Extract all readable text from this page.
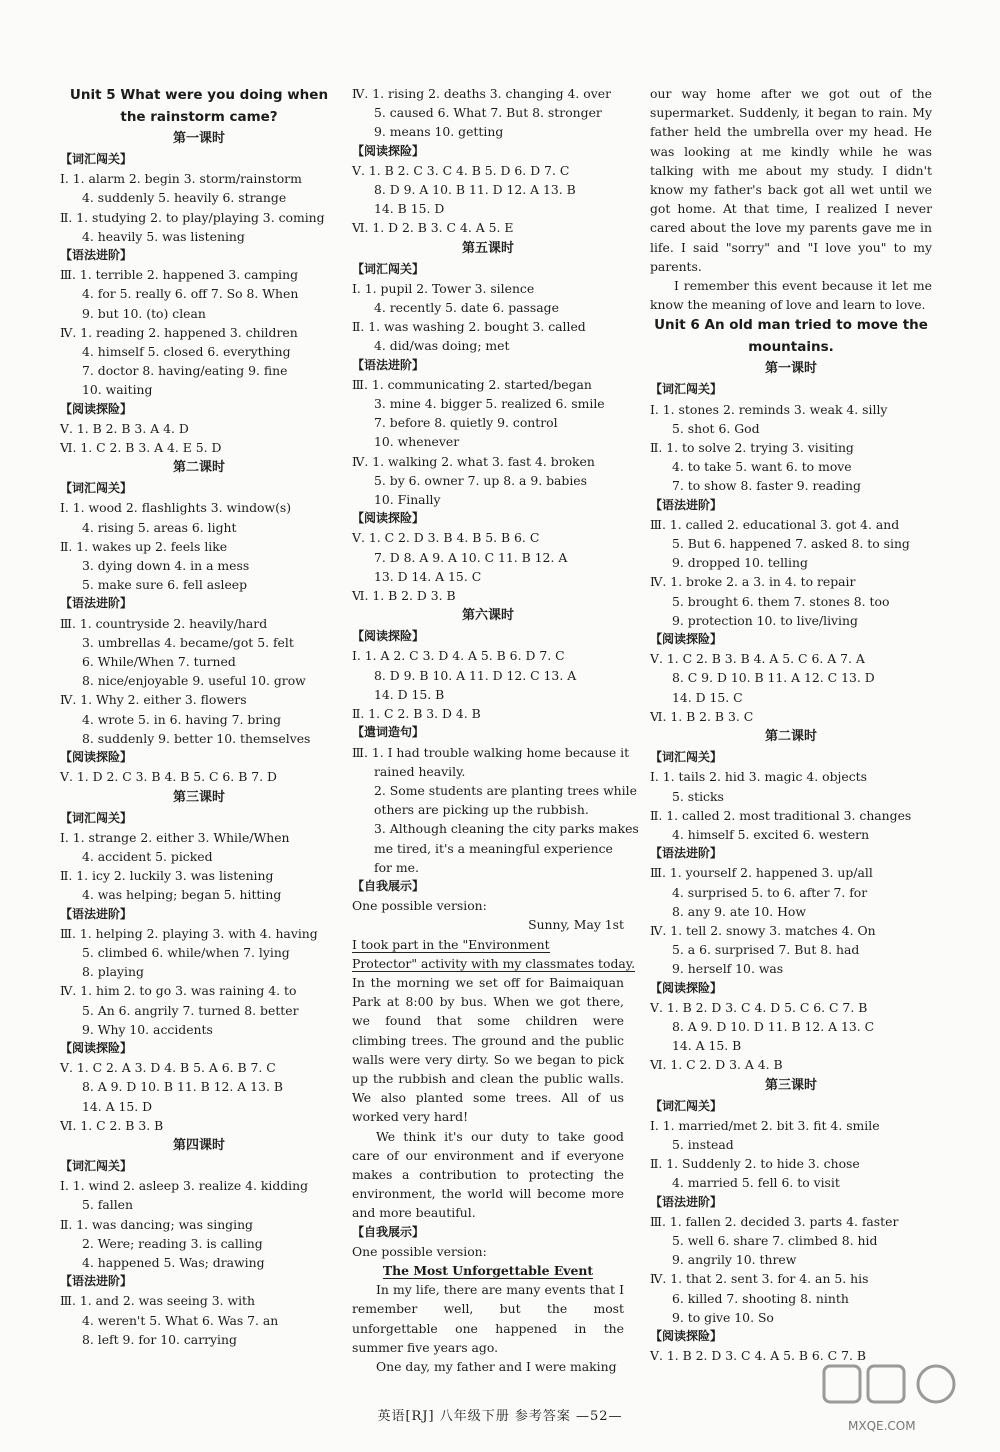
Unit 5 What were you doing when the rainstorm came?
第一课时
【词汇闯关】
Ⅰ. 1. alarm 2. begin 3. storm/rainstorm
4. suddenly 5. heavily 6. strange
Ⅱ. 1. studying 2. to play/playing 3. coming
4. heavily 5. was listening
【语法进阶】
Ⅲ. 1. terrible 2. happened 3. camping
4. for 5. really 6. off 7. So 8. When
9. but 10. (to) clean
Ⅳ. 1. reading 2. happened 3. children
4. himself 5. closed 6. everything
7. doctor 8. having/eating 9. fine
10. waiting
【阅读探险】
Ⅴ. 1. B 2. B 3. A 4. D
Ⅵ. 1. C 2. B 3. A 4. E 5. D
第二课时
【词汇闯关】
Ⅰ. 1. wood 2. flashlights 3. window(s)
4. rising 5. areas 6. light
Ⅱ. 1. wakes up 2. feels like
3. dying down 4. in a mess
5. make sure 6. fell asleep
【语法进阶】
Ⅲ. 1. countryside 2. heavily/hard
3. umbrellas 4. became/got 5. felt
6. While/When 7. turned
8. nice/enjoyable 9. useful 10. grow
Ⅳ. 1. Why 2. either 3. flowers
4. wrote 5. in 6. having 7. bring
8. suddenly 9. better 10. themselves
【阅读探险】
Ⅴ. 1. D 2. C 3. B 4. B 5. C 6. B 7. D
第三课时
【词汇闯关】
Ⅰ. 1. strange 2. either 3. While/When
4. accident 5. picked
Ⅱ. 1. icy 2. luckily 3. was listening
4. was helping; began 5. hitting
【语法进阶】
Ⅲ. 1. helping 2. playing 3. with 4. having
5. climbed 6. while/when 7. lying
8. playing
Ⅳ. 1. him 2. to go 3. was raining 4. to
5. An 6. angrily 7. turned 8. better
9. Why 10. accidents
【阅读探险】
Ⅴ. 1. C 2. A 3. D 4. B 5. A 6. B 7. C
8. A 9. D 10. B 11. B 12. A 13. B
14. A 15. D
Ⅵ. 1. C 2. B 3. B
第四课时
【词汇闯关】
Ⅰ. 1. wind 2. asleep 3. realize 4. kidding
5. fallen
Ⅱ. 1. was dancing; was singing
2. Were; reading 3. is calling
4. happened 5. Was; drawing
【语法进阶】
Ⅲ. 1. and 2. was seeing 3. with
4. weren't 5. What 6. Was 7. an
8. left 9. for 10. carrying
Ⅳ. 1. rising 2. deaths 3. changing 4. over
5. caused 6. What 7. But 8. stronger
9. means 10. getting
【阅读探险】
Ⅴ. 1. B 2. C 3. C 4. B 5. D 6. D 7. C
8. D 9. A 10. B 11. D 12. A 13. B
14. B 15. D
Ⅵ. 1. D 2. B 3. C 4. A 5. E
第五课时
【词汇闯关】
Ⅰ. 1. pupil 2. Tower 3. silence
4. recently 5. date 6. passage
Ⅱ. 1. was washing 2. bought 3. called
4. did/was doing; met
【语法进阶】
Ⅲ. 1. communicating 2. started/began
3. mine 4. bigger 5. realized 6. smile
7. before 8. quietly 9. control
10. whenever
Ⅳ. 1. walking 2. what 3. fast 4. broken
5. by 6. owner 7. up 8. a 9. babies
10. Finally
【阅读探险】
Ⅴ. 1. C 2. D 3. B 4. B 5. B 6. C
7. D 8. A 9. A 10. C 11. B 12. A
13. D 14. A 15. C
Ⅵ. 1. B 2. D 3. B
第六课时
【阅读探险】
Ⅰ. 1. A 2. C 3. D 4. A 5. B 6. D 7. C
8. D 9. B 10. A 11. D 12. C 13. A
14. D 15. B
Ⅱ. 1. C 2. B 3. D 4. B
【遣词造句】
Ⅲ. 1. I had trouble walking home because it
rained heavily.
2. Some students are planting trees while
others are picking up the rubbish.
3. Although cleaning the city parks makes
me tired, it's a meaningful experience
for me.
【自我展示】
One possible version:
Sunny, May 1st
I took part in the "Environment
Protector" activity with my classmates today.
In the morning we set off for Baimaiquan Park at 8:00 by bus. When we got there, we found that some children were climbing trees. The ground and the public walls were very dirty. So we began to pick up the rubbish and clean the public walls. We also planted some trees. All of us worked very hard!
We think it's our duty to take good care of our environment and if everyone makes a contribution to protecting the environment, the world will become more and more beautiful.
【自我展示】
One possible version:
The Most Unforgettable Event
In my life, there are many events that I remember well, but the most unforgettable one happened in the summer five years ago.
One day, my father and I were making
our way home after we got out of the supermarket. Suddenly, it began to rain. My father held the umbrella over my head. He was looking at me kindly while he was talking with me about my study. I didn't know my father's back got all wet until we got home. At that time, I realized I never cared about the love my parents gave me in life. I said "sorry" and "I love you" to my parents.
I remember this event because it let me know the meaning of love and learn to love.
Unit 6 An old man tried to move the mountains.
第一课时
【词汇闯关】
Ⅰ. 1. stones 2. reminds 3. weak 4. silly
5. shot 6. God
Ⅱ. 1. to solve 2. trying 3. visiting
4. to take 5. want 6. to move
7. to show 8. faster 9. reading
【语法进阶】
Ⅲ. 1. called 2. educational 3. got 4. and
5. But 6. happened 7. asked 8. to sing
9. dropped 10. telling
Ⅳ. 1. broke 2. a 3. in 4. to repair
5. brought 6. them 7. stones 8. too
9. protection 10. to live/living
【阅读探险】
Ⅴ. 1. C 2. B 3. B 4. A 5. C 6. A 7. A
8. C 9. D 10. B 11. A 12. C 13. D
14. D 15. C
Ⅵ. 1. B 2. B 3. C
第二课时
【词汇闯关】
Ⅰ. 1. tails 2. hid 3. magic 4. objects
5. sticks
Ⅱ. 1. called 2. most traditional 3. changes
4. himself 5. excited 6. western
【语法进阶】
Ⅲ. 1. yourself 2. happened 3. up/all
4. surprised 5. to 6. after 7. for
8. any 9. ate 10. How
Ⅳ. 1. tell 2. snowy 3. matches 4. On
5. a 6. surprised 7. But 8. had
9. herself 10. was
【阅读探险】
Ⅴ. 1. B 2. D 3. C 4. D 5. C 6. C 7. B
8. A 9. D 10. D 11. B 12. A 13. C
14. A 15. B
Ⅵ. 1. C 2. D 3. A 4. B
第三课时
【词汇闯关】
Ⅰ. 1. married/met 2. bit 3. fit 4. smile
5. instead
Ⅱ. 1. Suddenly 2. to hide 3. chose
4. married 5. fell 6. to visit
【语法进阶】
Ⅲ. 1. fallen 2. decided 3. parts 4. faster
5. well 6. share 7. climbed 8. hid
9. angrily 10. threw
Ⅳ. 1. that 2. sent 3. for 4. an 5. his
6. killed 7. shooting 8. ninth
9. to give 10. So
【阅读探险】
Ⅴ. 1. B 2. D 3. C 4. A 5. B 6. C 7. B
英语[RJ] 八年级下册 参考答案 —52—
MXQE.COM
